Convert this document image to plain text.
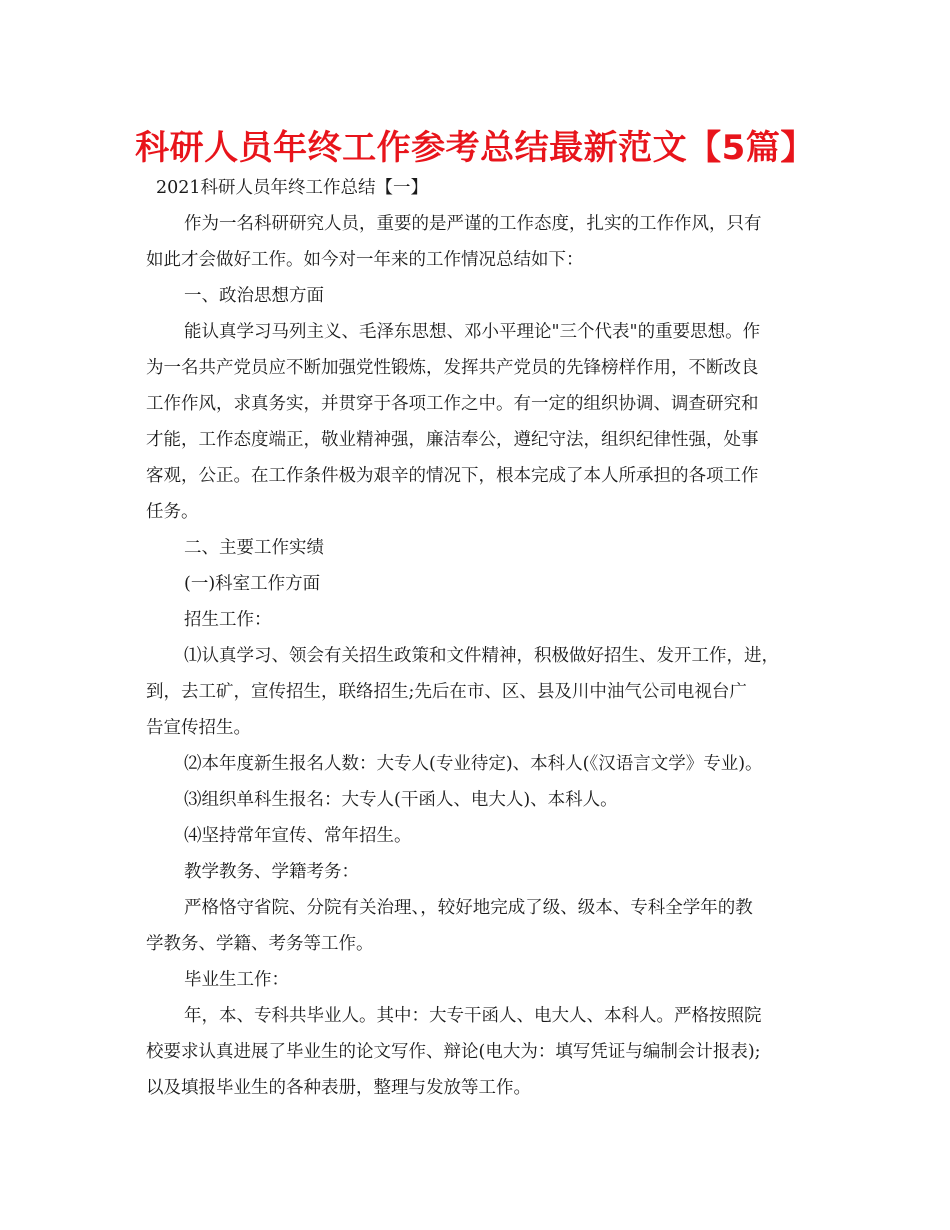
科研人员年终工作参考总结最新范文【5篇】

2021科研人员年终工作总结【一】

作为一名科研研究人员，重要的是严谨的工作态度，扎实的工作作风，只有
如此才会做好工作。如今对一年来的工作情况总结如下：
一、政治思想方面
能认真学习马列主义、毛泽东思想、邓小平理论"三个代表"的重要思想。作
为一名共产党员应不断加强党性锻炼，发挥共产党员的先锋榜样作用，不断改良
工作作风，求真务实，并贯穿于各项工作之中。有一定的组织协调、调查研究和
才能，工作态度端正，敬业精神强，廉洁奉公，遵纪守法，组织纪律性强，处事
客观，公正。在工作条件极为艰辛的情况下，根本完成了本人所承担的各项工作
任务。
二、主要工作实绩
(一)科室工作方面
招生工作：
⑴认真学习、领会有关招生政策和文件精神，积极做好招生、发开工作，进，
到，去工矿，宣传招生，联络招生;先后在市、区、县及川中油气公司电视台广
告宣传招生。
⑵本年度新生报名人数：大专人(专业待定)、本科人(《汉语言文学》专业)。
⑶组织单科生报名：大专人(干函人、电大人)、本科人。
⑷坚持常年宣传、常年招生。
教学教务、学籍考务：
严格恪守省院、分院有关治理、，较好地完成了级、级本、专科全学年的教
学教务、学籍、考务等工作。
毕业生工作：
年，本、专科共毕业人。其中：大专干函人、电大人、本科人。严格按照院
校要求认真进展了毕业生的论文写作、辩论(电大为：填写凭证与编制会计报表);
以及填报毕业生的各种表册，整理与发放等工作。
